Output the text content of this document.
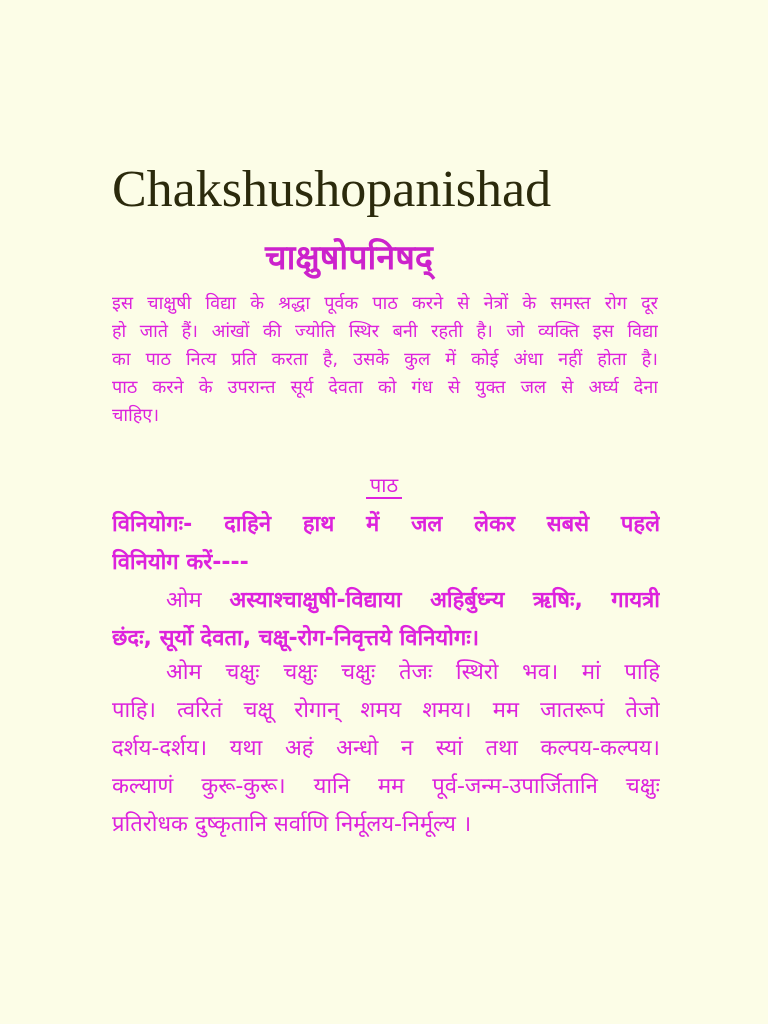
Chakshushopanishad
चाक्षुषोपनिषद्
इस चाक्षुषी विद्या के श्रद्धा पूर्वक पाठ करने से नेत्रों के समस्त रोग दूर
हो जाते हैं। आंखों की ज्योति स्थिर बनी रहती है। जो व्यक्ति इस विद्या
का पाठ नित्य प्रति करता है, उसके कुल में कोई अंधा नहीं होता है।
पाठ करने के उपरान्त सूर्य देवता को गंध से युक्त जल से अर्घ्य देना
चाहिए।
पाठ
विनियोगः- दाहिने हाथ में जल लेकर सबसे पहले
विनियोग करें----
ओम अस्याश्चाक्षुषी-विद्याया अहिर्बुध्न्य ऋषिः, गायत्री
छंदः, सूर्यो देवता, चक्षू-रोग-निवृत्तये विनियोगः।
ओम चक्षुः चक्षुः चक्षुः तेजः स्थिरो भव। मां पाहि
पाहि। त्वरितं चक्षू रोगान् शमय शमय। मम जातरूपं तेजो
दर्शय-दर्शय। यथा अहं अन्धो न स्यां तथा कल्पय-कल्पय।
कल्याणं कुरू-कुरू। यानि मम पूर्व-जन्म-उपार्जितानि चक्षुः
प्रतिरोधक दुष्कृतानि सर्वाणि निर्मूलय-निर्मूल्य ।
